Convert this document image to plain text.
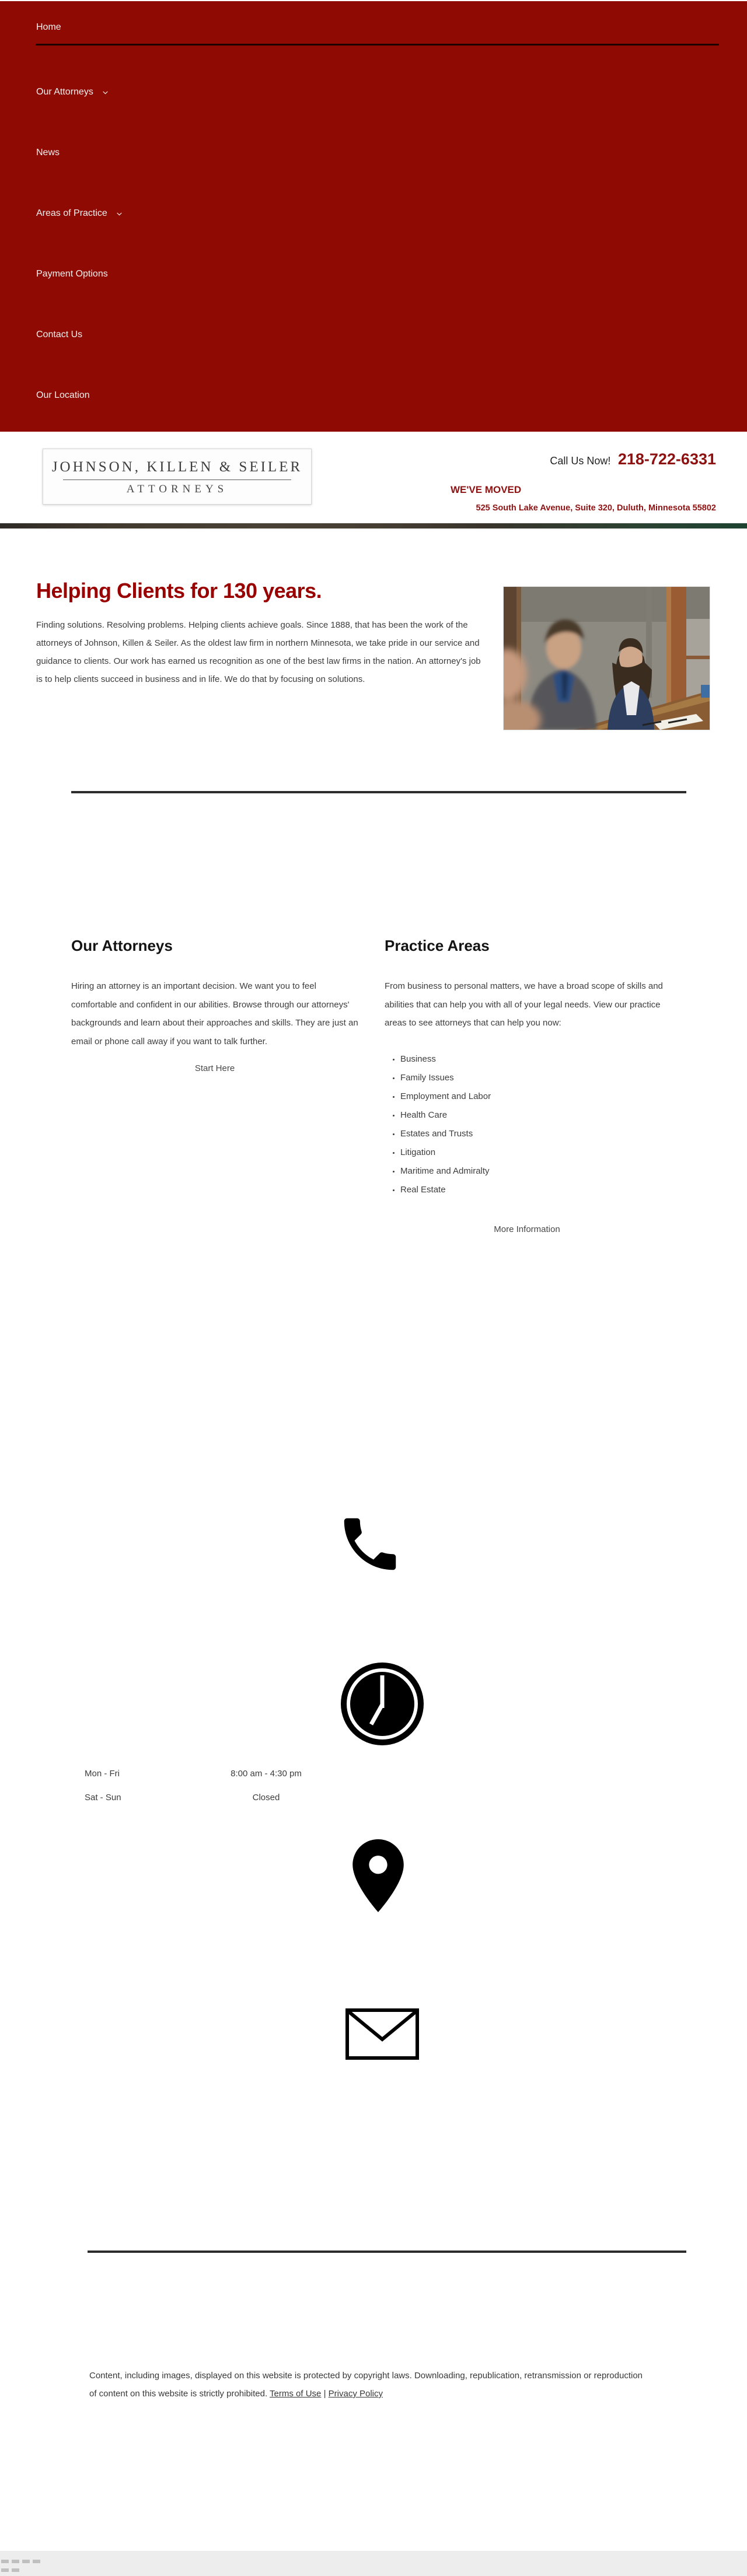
Home
Our Attorneys
News
Areas of Practice
Payment Options
Contact Us
Our Location
JOHNSON, KILLEN & SEILER
ATTORNEYS
Call Us Now! 218-722-6331
WE'VE MOVED
525 South Lake Avenue, Suite 320, Duluth, Minnesota 55802
Helping Clients for 130 years.

Finding solutions. Resolving problems. Helping clients achieve goals. Since 1888, that has been the work of the attorneys of Johnson, Killen & Seiler. As the oldest law firm in northern Minnesota, we take pride in our service and guidance to clients. Our work has earned us recognition as one of the best law firms in the nation. An attorney's job is to help clients succeed in business and in life. We do that by focusing on solutions.

Our Attorneys

Hiring an attorney is an important decision. We want you to feel comfortable and confident in our abilities. Browse through our attorneys' backgrounds and learn about their approaches and skills. They are just an email or phone call away if you want to talk further.

Start Here
Practice Areas

From business to personal matters, we have a broad scope of skills and abilities that can help you with all of your legal needs. View our practice areas to see attorneys that can help you now:

• Business
• Family Issues
• Employment and Labor
• Health Care
• Estates and Trusts
• Litigation
• Maritime and Admiralty
• Real Estate
More Information
Mon - Fri	8:00 am - 4:30 pm
Sat - Sun	Closed

Content, including images, displayed on this website is protected by copyright laws. Downloading, republication, retransmission or reproduction of content on this website is strictly prohibited. Terms of Use | Privacy Policy
